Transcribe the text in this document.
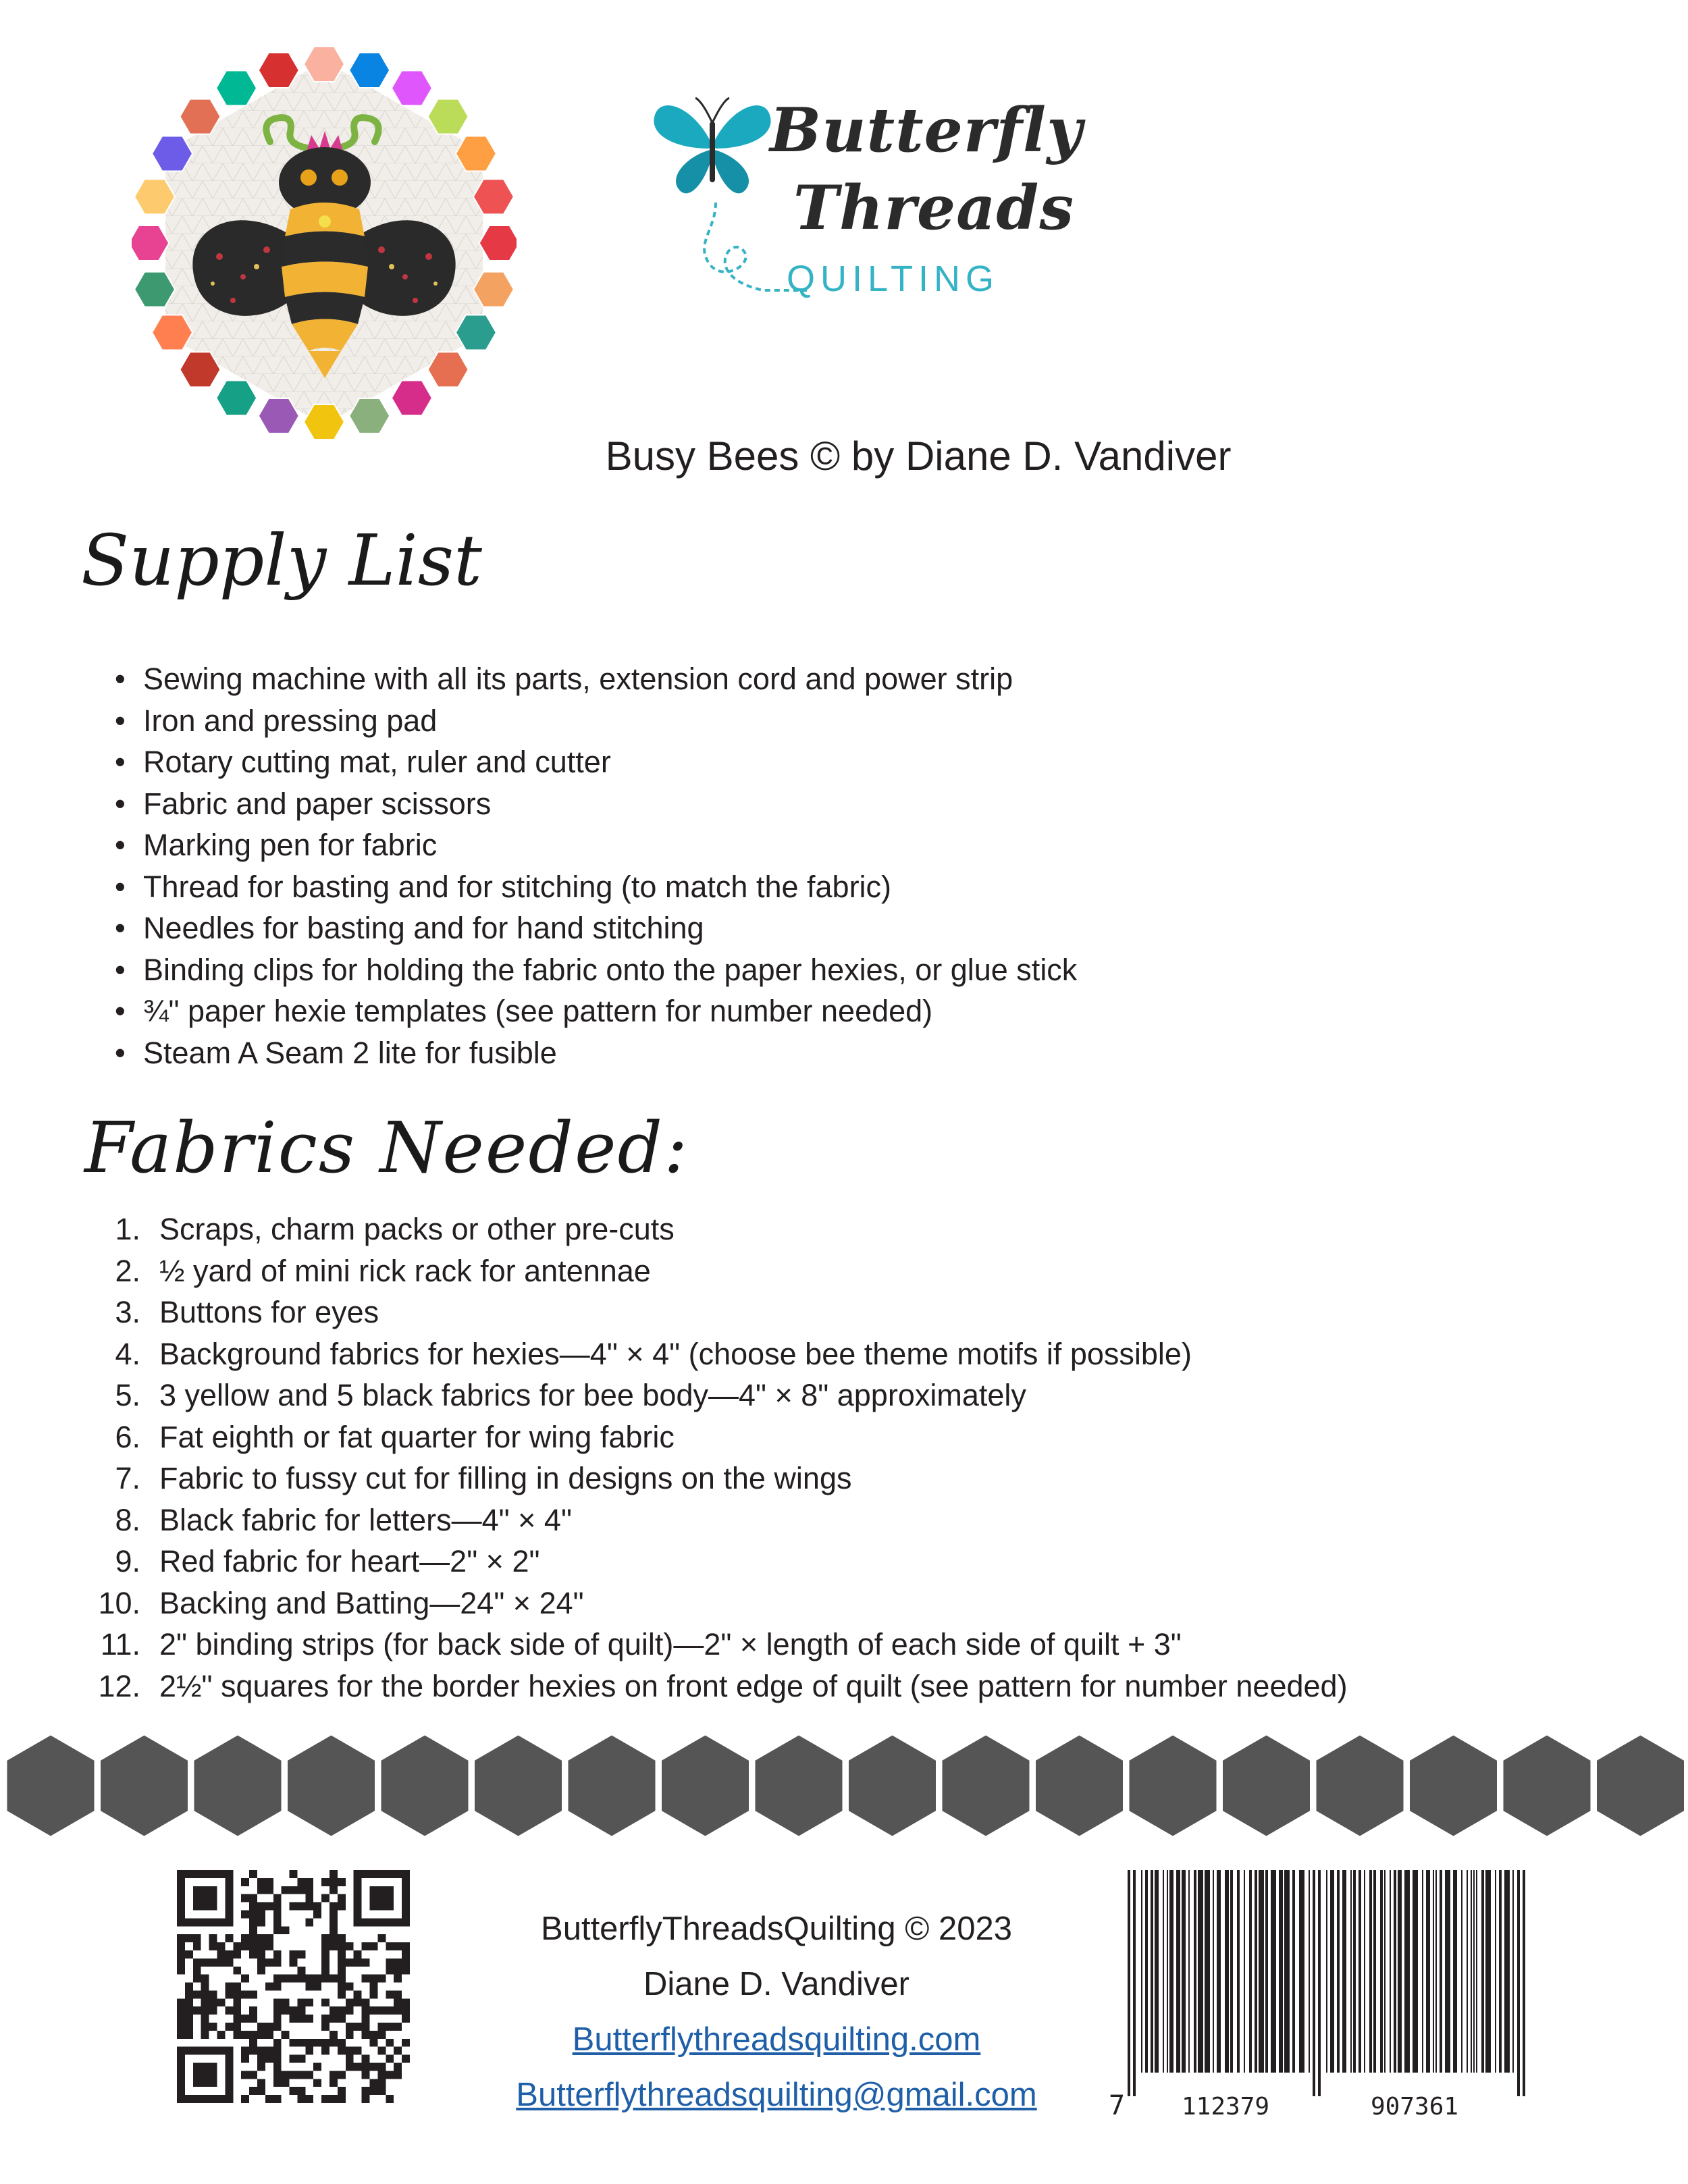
Butterfly
Threads
QUILTING
Busy Bees © by Diane D. Vandiver
Supply List
• Sewing machine with all its parts, extension cord and power strip
• Iron and pressing pad
• Rotary cutting mat, ruler and cutter
• Fabric and paper scissors
• Marking pen for fabric
• Thread for basting and for stitching (to match the fabric)
• Needles for basting and for hand stitching
• Binding clips for holding the fabric onto the paper hexies, or glue stick
• ¾" paper hexie templates (see pattern for number needed)
• Steam A Seam 2 lite for fusible
Fabrics Needed:
1. Scraps, charm packs or other pre-cuts
2. ½ yard of mini rick rack for antennae
3. Buttons for eyes
4. Background fabrics for hexies—4" × 4" (choose bee theme motifs if possible)
5. 3 yellow and 5 black fabrics for bee body—4" × 8" approximately
6. Fat eighth or fat quarter for wing fabric
7. Fabric to fussy cut for filling in designs on the wings
8. Black fabric for letters—4" × 4"
9. Red fabric for heart—2" × 2"
10. Backing and Batting—24" × 24"
11. 2" binding strips (for back side of quilt)—2" × length of each side of quilt + 3"
12. 2½" squares for the border hexies on front edge of quilt (see pattern for number needed)
7 112379	907361
ButterflyThreadsQuilting © 2023
Diane D. Vandiver
Butterflythreadsquilting.com
Butterflythreadsquilting@gmail.com
